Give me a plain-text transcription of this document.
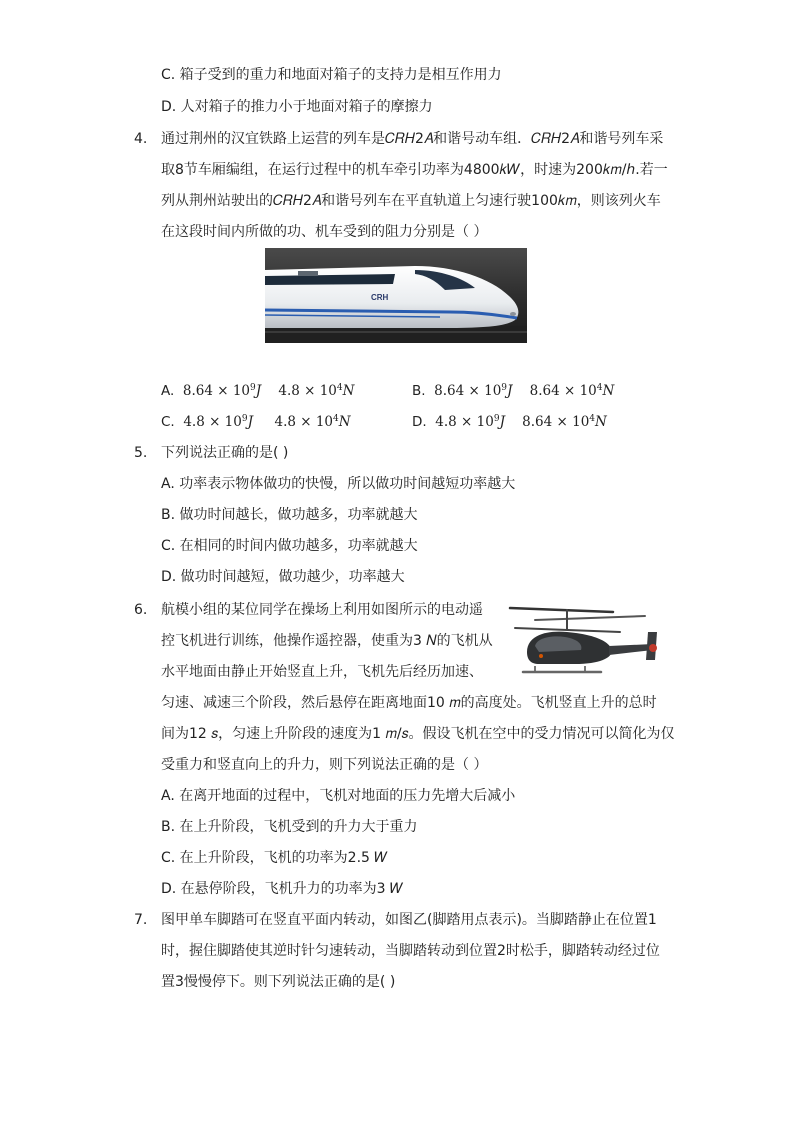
C. 箱子受到的重力和地面对箱子的支持力是相互作用力
D. 人对箱子的推力小于地面对箱子的摩擦力
4. 通过荆州的汉宜铁路上运营的列车是𝐶𝑅𝐻2𝐴和谐号动车组．𝐶𝑅𝐻2𝐴和谐号列车采
取8节车厢编组，在运行过程中的机车牵引功率为4800𝑘𝑊，时速为200𝑘𝑚/ℎ.若一
列从荆州站驶出的𝐶𝑅𝐻2𝐴和谐号列车在平直轨道上匀速行驶100𝑘𝑚，则该列火车
在这段时间内所做的功、机车受到的阻力分别是（ ）
CRH
A. $8.64 \times 10^9J$ $4.8 \times 10^4N$	B. $8.64 \times 10^9J$ $8.64 \times 10^4N$
C. $4.8 \times 10^9J$ $4.8 \times 10^4N$	D. $4.8 \times 10^9J$ $8.64 \times 10^4N$
5. 下列说法正确的是( )
A. 功率表示物体做功的快慢，所以做功时间越短功率越大
B. 做功时间越长，做功越多，功率就越大
C. 在相同的时间内做功越多，功率就越大
D. 做功时间越短，做功越少，功率越大
6. 航模小组的某位同学在操场上利用如图所示的电动遥
控飞机进行训练，他操作遥控器，使重为3 𝑁的飞机从
水平地面由静止开始竖直上升，飞机先后经历加速、
匀速、减速三个阶段，然后悬停在距离地面10 𝑚的高度处。飞机竖直上升的总时
间为12 𝑠，匀速上升阶段的速度为1 𝑚/𝑠。假设飞机在空中的受力情况可以简化为仅
受重力和竖直向上的升力，则下列说法正确的是（ ）
A. 在离开地面的过程中，飞机对地面的压力先增大后减小
B. 在上升阶段，飞机受到的升力大于重力
C. 在上升阶段，飞机的功率为2.5 𝑊
D. 在悬停阶段，飞机升力的功率为3 𝑊
7. 图甲单车脚踏可在竖直平面内转动，如图乙(脚踏用点表示)。当脚踏静止在位置1
时，握住脚踏使其逆时针匀速转动，当脚踏转动到位置2时松手，脚踏转动经过位
置3慢慢停下。则下列说法正确的是( )
